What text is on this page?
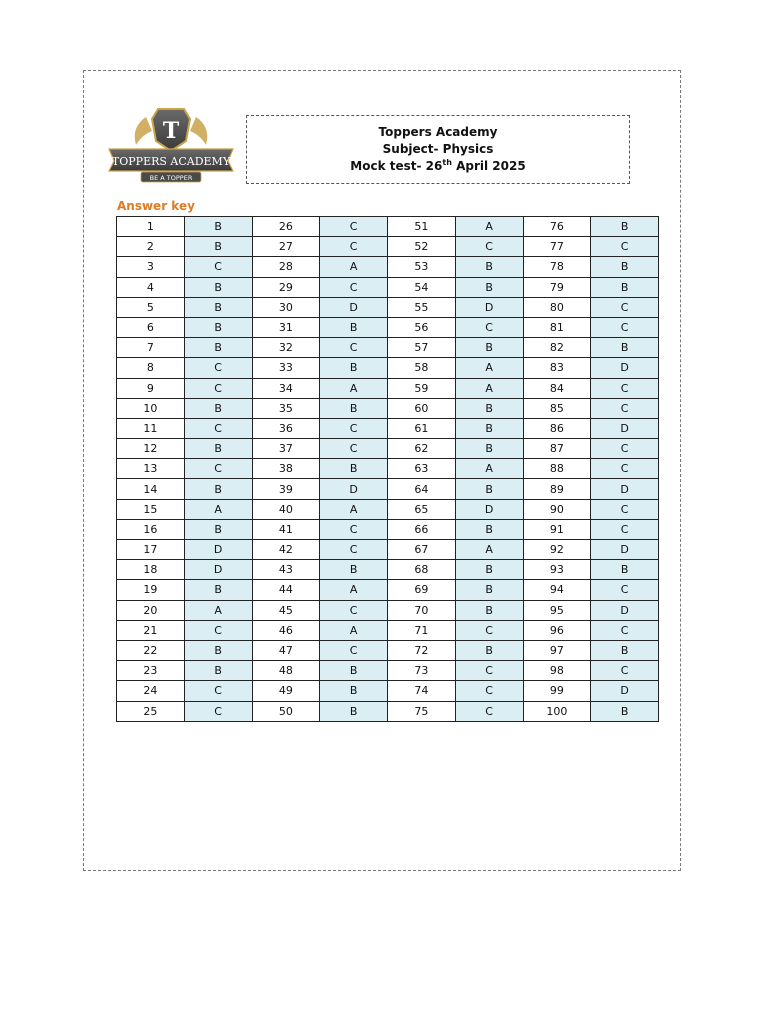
T
TOPPERS ACADEMY
BE A TOPPER
Toppers Academy
Subject- Physics
Mock test- 26th April 2025
Answer key
1	B	26	C	51	A	76	B
2	B	27	C	52	C	77	C
3	C	28	A	53	B	78	B
4	B	29	C	54	B	79	B
5	B	30	D	55	D	80	C
6	B	31	B	56	C	81	C
7	B	32	C	57	B	82	B
8	C	33	B	58	A	83	D
9	C	34	A	59	A	84	C
10	B	35	B	60	B	85	C
11	C	36	C	61	B	86	D
12	B	37	C	62	B	87	C
13	C	38	B	63	A	88	C
14	B	39	D	64	B	89	D
15	A	40	A	65	D	90	C
16	B	41	C	66	B	91	C
17	D	42	C	67	A	92	D
18	D	43	B	68	B	93	B
19	B	44	A	69	B	94	C
20	A	45	C	70	B	95	D
21	C	46	A	71	C	96	C
22	B	47	C	72	B	97	B
23	B	48	B	73	C	98	C
24	C	49	B	74	C	99	D
25	C	50	B	75	C	100	B
